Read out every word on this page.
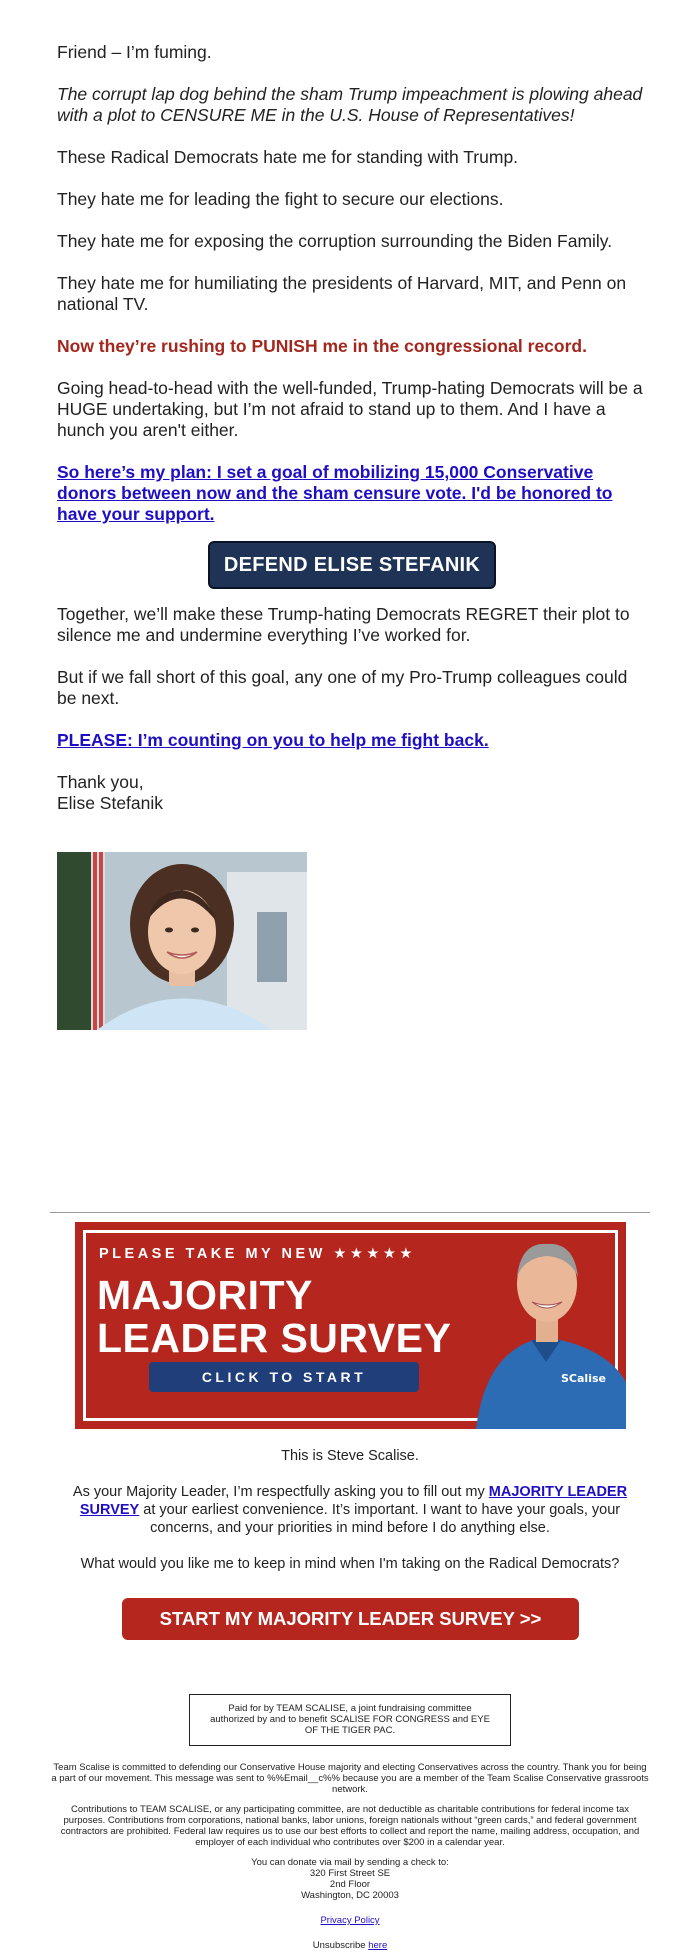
Friend – I’m fuming.

The corrupt lap dog behind the sham Trump impeachment is plowing ahead with a plot to CENSURE ME in the U.S. House of Representatives!

These Radical Democrats hate me for standing with Trump.

They hate me for leading the fight to secure our elections.

They hate me for exposing the corruption surrounding the Biden Family.

They hate me for humiliating the presidents of Harvard, MIT, and Penn on national TV.

Now they’re rushing to PUNISH me in the congressional record.

Going head-to-head with the well-funded, Trump-hating Democrats will be a HUGE undertaking, but I’m not afraid to stand up to them. And I have a hunch you aren't either.

So here’s my plan: I set a goal of mobilizing 15,000 Conservative donors between now and the sham censure vote. I'd be honored to have your support.

DEFEND ELISE STEFANIK

Together, we’ll make these Trump-hating Democrats REGRET their plot to silence me and undermine everything I’ve worked for.

But if we fall short of this goal, any one of my Pro-Trump colleagues could be next.

PLEASE: I’m counting on you to help me fight back.

Thank you,

Elise Stefanik

PLEASE TAKE MY NEW ★★★★★
MAJORITY
LEADER SURVEY
CLICK TO START	SCalise

This is Steve Scalise.

As your Majority Leader, I’m respectfully asking you to fill out my MAJORITY LEADER SURVEY at your earliest convenience. It’s important. I want to have your goals, your concerns, and your priorities in mind before I do anything else.

What would you like me to keep in mind when I'm taking on the Radical Democrats?

START MY MAJORITY LEADER SURVEY >>
Paid for by TEAM SCALISE, a joint fundraising committee authorized by and to benefit SCALISE FOR CONGRESS and EYE OF THE TIGER PAC.

Team Scalise is committed to defending our Conservative House majority and electing Conservatives across the country. Thank you for being a part of our movement. This message was sent to %%Email__c%% because you are a member of the Team Scalise Conservative grassroots network.

Contributions to TEAM SCALISE, or any participating committee, are not deductible as charitable contributions for federal income tax purposes. Contributions from corporations, national banks, labor unions, foreign nationals without “green cards,” and federal government contractors are prohibited. Federal law requires us to use our best efforts to collect and report the name, mailing address, occupation, and employer of each individual who contributes over $200 in a calendar year.

You can donate via mail by sending a check to:
320 First Street SE
2nd Floor
Washington, DC 20003

Privacy Policy

Unsubscribe here
